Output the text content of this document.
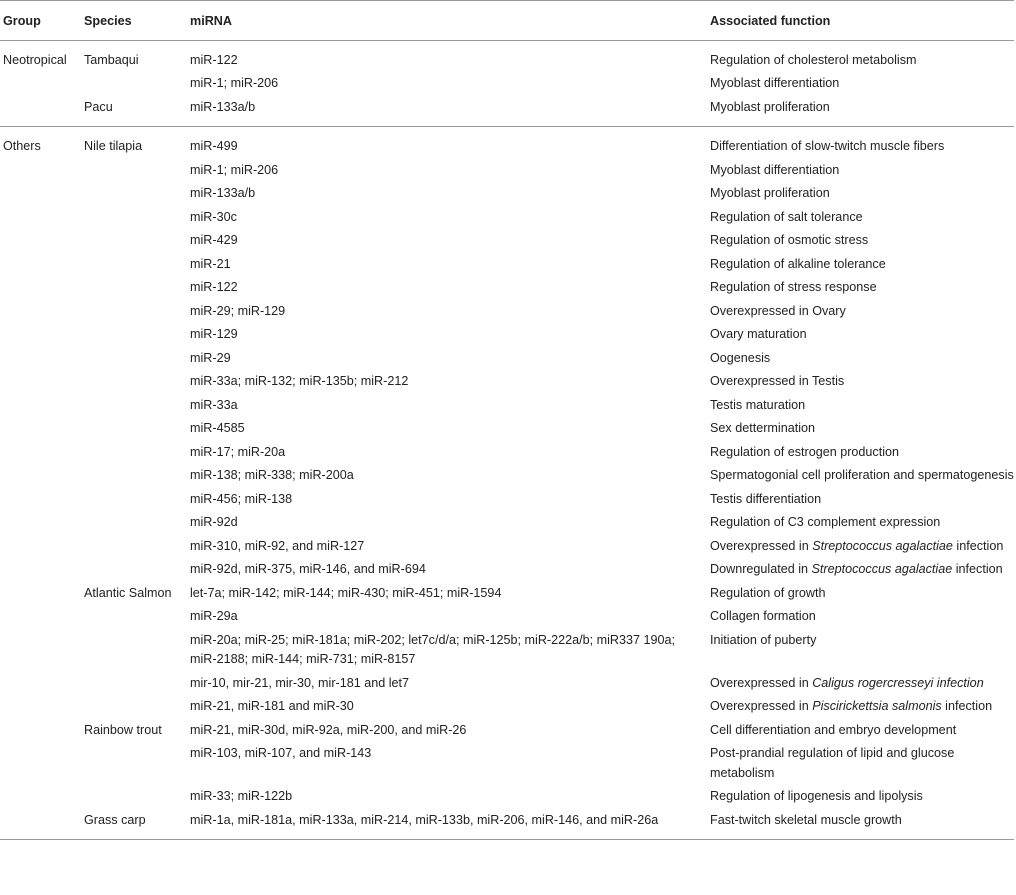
Group	Species	miRNA	Associated function
Neotropical	Tambaqui	miR-122	Regulation of cholesterol metabolism
		miR-1; miR-206	Myoblast differentiation
	Pacu	miR-133a/b	Myoblast proliferation
Others	Nile tilapia	miR-499	Differentiation of slow-twitch muscle fibers
		miR-1; miR-206	Myoblast differentiation
		miR-133a/b	Myoblast proliferation
		miR-30c	Regulation of salt tolerance
		miR-429	Regulation of osmotic stress
		miR-21	Regulation of alkaline tolerance
		miR-122	Regulation of stress response
		miR-29; miR-129	Overexpressed in Ovary
		miR-129	Ovary maturation
		miR-29	Oogenesis
		miR-33a; miR-132; miR-135b; miR-212	Overexpressed in Testis
		miR-33a	Testis maturation
		miR-4585	Sex dettermination
		miR-17; miR-20a	Regulation of estrogen production
		miR-138; miR-338; miR-200a	Spermatogonial cell proliferation and spermatogenesis
		miR-456; miR-138	Testis differentiation
		miR-92d	Regulation of C3 complement expression
		miR-310, miR-92, and miR-127	Overexpressed in Streptococcus agalactiae infection
		miR-92d, miR-375, miR-146, and miR-694	Downregulated in Streptococcus agalactiae infection
	Atlantic Salmon	let-7a; miR-142; miR-144; miR-430; miR-451; miR-1594	Regulation of growth
		miR-29a	Collagen formation
		miR-20a; miR-25; miR-181a; miR-202; let7c/d/a; miR-125b; miR-222a/b; miR337 190a; miR-2188; miR-144; miR-731; miR-8157	Initiation of puberty
		mir-10, mir-21, mir-30, mir-181 and let7	Overexpressed in Caligus rogercresseyi infection
		miR-21, miR-181 and miR-30	Overexpressed in Piscirickettsia salmonis infection
	Rainbow trout	miR-21, miR-30d, miR-92a, miR-200, and miR-26	Cell differentiation and embryo development
		miR-103, miR-107, and miR-143	Post-prandial regulation of lipid and glucose metabolism
		miR-33; miR-122b	Regulation of lipogenesis and lipolysis
	Grass carp	miR-1a, miR-181a, miR-133a, miR-214, miR-133b, miR-206, miR-146, and miR-26a	Fast-twitch skeletal muscle growth
